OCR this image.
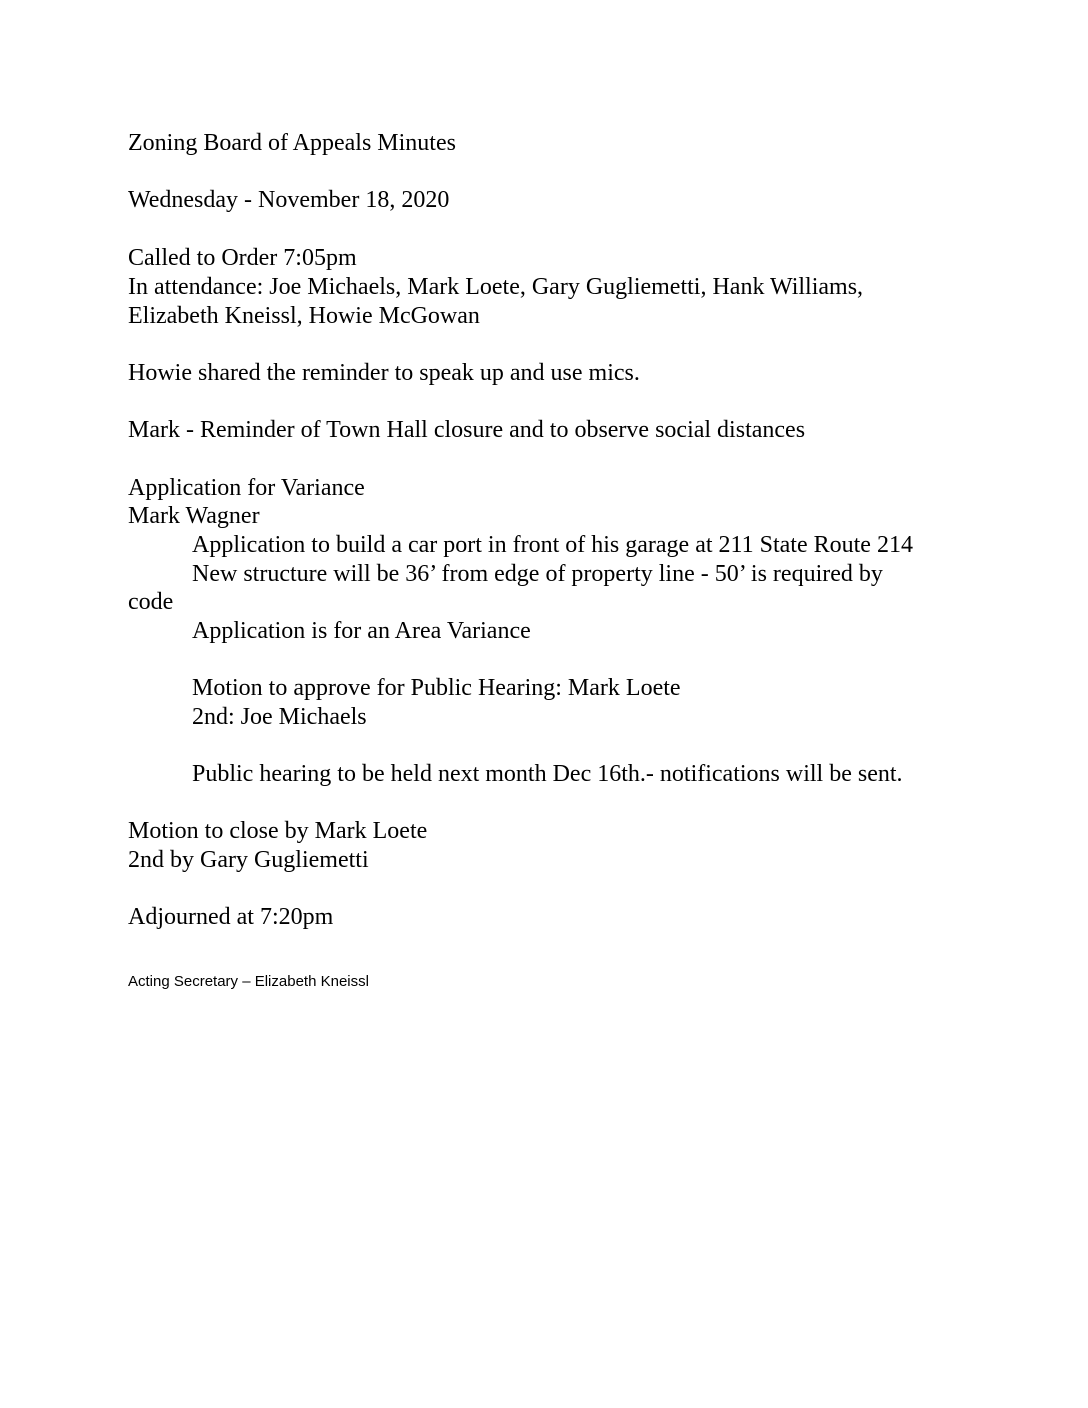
Zoning Board of Appeals Minutes
Wednesday - November 18, 2020
Called to Order 7:05pm
In attendance: Joe Michaels, Mark Loete, Gary Gugliemetti, Hank Williams,
Elizabeth Kneissl, Howie McGowan
Howie shared the reminder to speak up and use mics.
Mark - Reminder of Town Hall closure and to observe social distances
Application for Variance
Mark Wagner
Application to build a car port in front of his garage at 211 State Route 214
New structure will be 36’ from edge of property line - 50’ is required by
code
Application is for an Area Variance
Motion to approve for Public Hearing: Mark Loete
2nd: Joe Michaels
Public hearing to be held next month Dec 16th.- notifications will be sent.
Motion to close by Mark Loete
2nd by Gary Gugliemetti
Adjourned at 7:20pm
Acting Secretary – Elizabeth Kneissl
